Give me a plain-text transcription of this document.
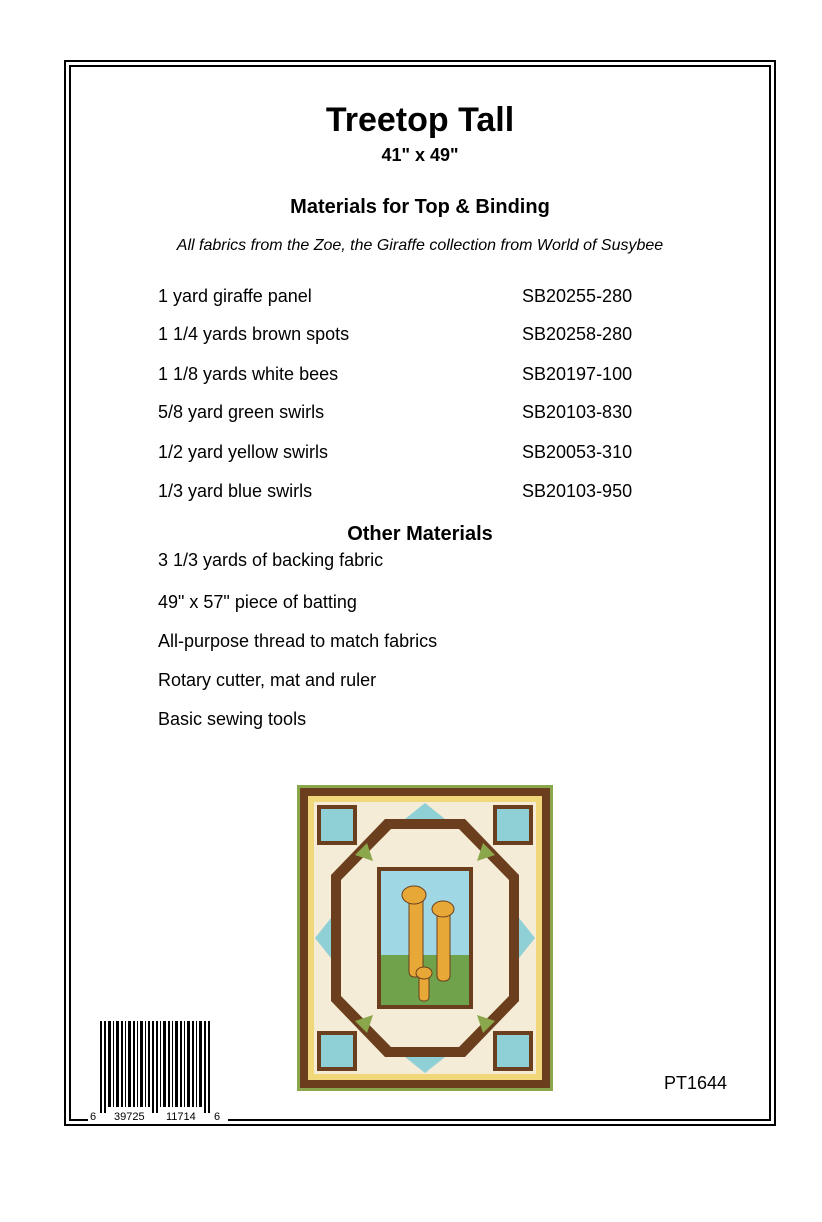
Treetop Tall
41" x 49"
Materials for Top & Binding
All fabrics from the Zoe, the Giraffe collection from World of Susybee
1 yard giraffe panel	SB20255-280
1 1/4 yards brown spots	SB20258-280
1 1/8 yards white bees	SB20197-100
5/8 yard green swirls	SB20103-830
1/2 yard yellow swirls	SB20053-310
1/3 yard blue swirls	SB20103-950
Other Materials
3 1/3 yards of backing fabric
49" x 57" piece of batting
All-purpose thread to match fabrics
Rotary cutter, mat and ruler
Basic sewing tools
6 39725 11714 6
PT1644
